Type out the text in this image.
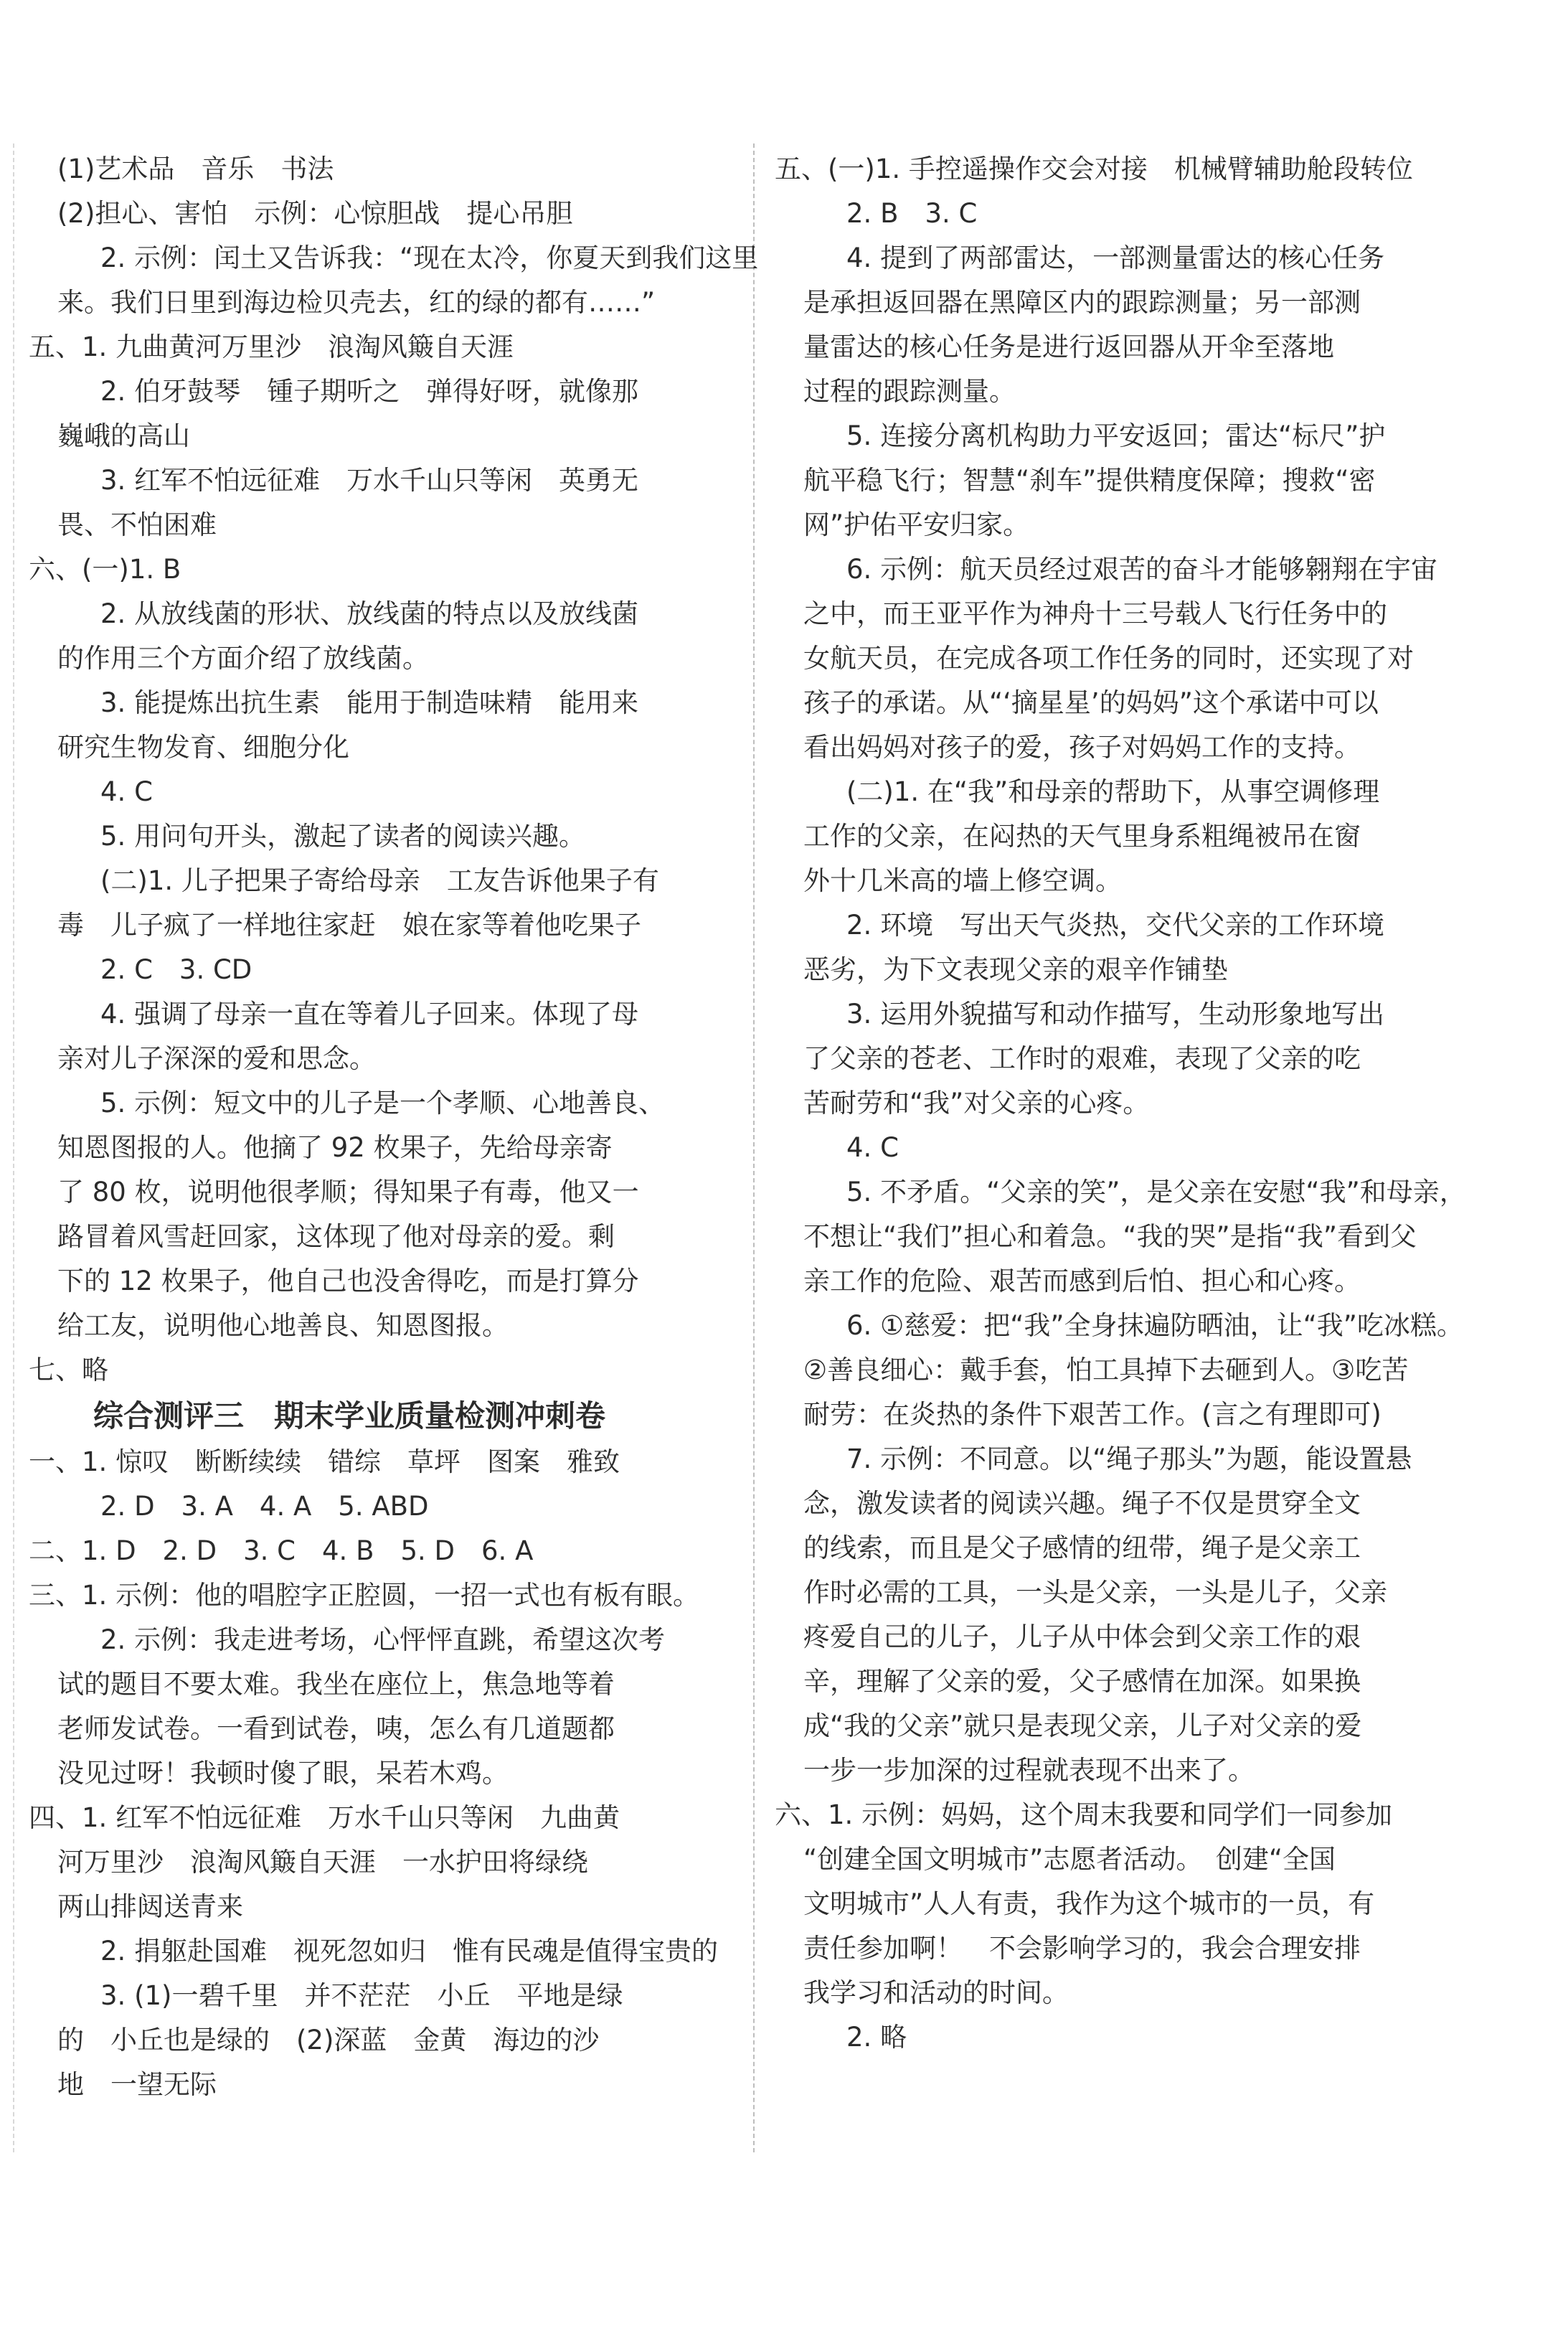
(1)艺术品　音乐　书法
(2)担心、害怕　示例：心惊胆战　提心吊胆
2. 示例：闰土又告诉我：“现在太冷，你夏天到我们这里
来。我们日里到海边检贝壳去，红的绿的都有……”
五、1. 九曲黄河万里沙　浪淘风簸自天涯
2. 伯牙鼓琴　锺子期听之　弹得好呀，就像那
巍峨的高山
3. 红军不怕远征难　万水千山只等闲　英勇无
畏、不怕困难
六、(一)1. B
2. 从放线菌的形状、放线菌的特点以及放线菌
的作用三个方面介绍了放线菌。
3. 能提炼出抗生素　能用于制造味精　能用来
研究生物发育、细胞分化
4. C
5. 用问句开头，激起了读者的阅读兴趣。
(二)1. 儿子把果子寄给母亲　工友告诉他果子有
毒　儿子疯了一样地往家赶　娘在家等着他吃果子
2. C　3. CD
4. 强调了母亲一直在等着儿子回来。体现了母
亲对儿子深深的爱和思念。
5. 示例：短文中的儿子是一个孝顺、心地善良、
知恩图报的人。他摘了 92 枚果子，先给母亲寄
了 80 枚，说明他很孝顺；得知果子有毒，他又一
路冒着风雪赶回家，这体现了他对母亲的爱。剩
下的 12 枚果子，他自己也没舍得吃，而是打算分
给工友，说明他心地善良、知恩图报。
七、略
综合测评三　期末学业质量检测冲刺卷
一、1. 惊叹　断断续续　错综　草坪　图案　雅致
2. D　3. A　4. A　5. ABD
二、1. D　2. D　3. C　4. B　5. D　6. A
三、1. 示例：他的唱腔字正腔圆，一招一式也有板有眼。
2. 示例：我走进考场，心怦怦直跳，希望这次考
试的题目不要太难。我坐在座位上，焦急地等着
老师发试卷。一看到试卷，咦，怎么有几道题都
没见过呀！我顿时傻了眼，呆若木鸡。
四、1. 红军不怕远征难　万水千山只等闲　九曲黄
河万里沙　浪淘风簸自天涯　一水护田将绿绕
两山排闼送青来
2. 捐躯赴国难　视死忽如归　惟有民魂是值得宝贵的
3. (1)一碧千里　并不茫茫　小丘　平地是绿
的　小丘也是绿的　(2)深蓝　金黄　海边的沙
地　一望无际
五、(一)1. 手控遥操作交会对接　机械臂辅助舱段转位
2. B　3. C
4. 提到了两部雷达，一部测量雷达的核心任务
是承担返回器在黑障区内的跟踪测量；另一部测
量雷达的核心任务是进行返回器从开伞至落地
过程的跟踪测量。
5. 连接分离机构助力平安返回；雷达“标尺”护
航平稳飞行；智慧“刹车”提供精度保障；搜救“密
网”护佑平安归家。
6. 示例：航天员经过艰苦的奋斗才能够翱翔在宇宙
之中，而王亚平作为神舟十三号载人飞行任务中的
女航天员，在完成各项工作任务的同时，还实现了对
孩子的承诺。从“‘摘星星’的妈妈”这个承诺中可以
看出妈妈对孩子的爱，孩子对妈妈工作的支持。
(二)1. 在“我”和母亲的帮助下，从事空调修理
工作的父亲，在闷热的天气里身系粗绳被吊在窗
外十几米高的墙上修空调。
2. 环境　写出天气炎热，交代父亲的工作环境
恶劣，为下文表现父亲的艰辛作铺垫
3. 运用外貌描写和动作描写，生动形象地写出
了父亲的苍老、工作时的艰难，表现了父亲的吃
苦耐劳和“我”对父亲的心疼。
4. C
5. 不矛盾。“父亲的笑”，是父亲在安慰“我”和母亲，
不想让“我们”担心和着急。“我的哭”是指“我”看到父
亲工作的危险、艰苦而感到后怕、担心和心疼。
6. ①慈爱：把“我”全身抹遍防晒油，让“我”吃冰糕。
②善良细心：戴手套，怕工具掉下去砸到人。③吃苦
耐劳：在炎热的条件下艰苦工作。(言之有理即可)
7. 示例：不同意。以“绳子那头”为题，能设置悬
念，激发读者的阅读兴趣。绳子不仅是贯穿全文
的线索，而且是父子感情的纽带，绳子是父亲工
作时必需的工具，一头是父亲，一头是儿子，父亲
疼爱自己的儿子，儿子从中体会到父亲工作的艰
辛，理解了父亲的爱，父子感情在加深。如果换
成“我的父亲”就只是表现父亲，儿子对父亲的爱
一步一步加深的过程就表现不出来了。
六、1. 示例：妈妈，这个周末我要和同学们一同参加
“创建全国文明城市”志愿者活动。　创建“全国
文明城市”人人有责，我作为这个城市的一员，有
责任参加啊！　不会影响学习的，我会合理安排
我学习和活动的时间。
2. 略
